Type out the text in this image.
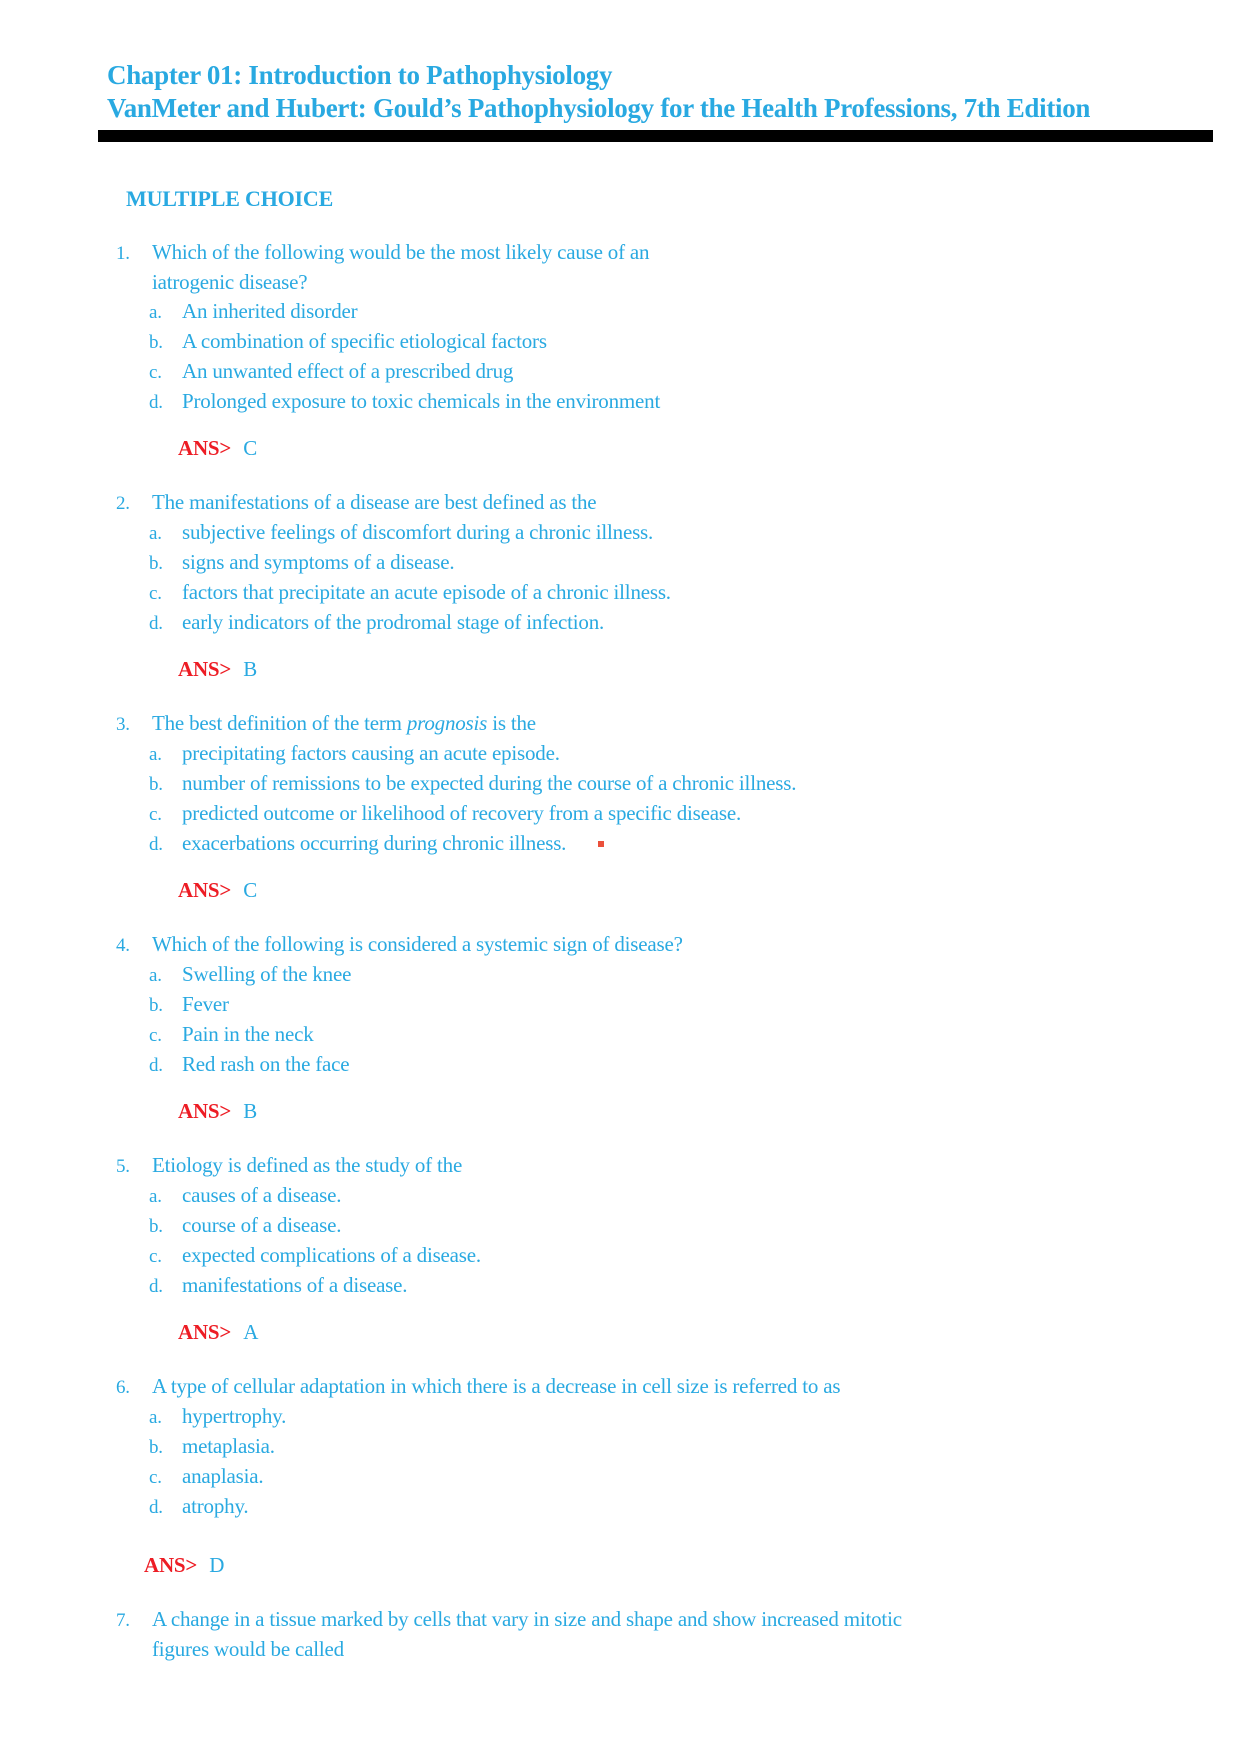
Chapter 01: Introduction to Pathophysiology
VanMeter and Hubert: Gould’s Pathophysiology for the Health Professions, 7th Edition
MULTIPLE CHOICE
1. Which of the following would be the most likely cause of an
iatrogenic disease?
a. An inherited disorder
b. A combination of specific etiological factors
c. An unwanted effect of a prescribed drug
d. Prolonged exposure to toxic chemicals in the environment
ANS> C
2. The manifestations of a disease are best defined as the
a. subjective feelings of discomfort during a chronic illness.
b. signs and symptoms of a disease.
c. factors that precipitate an acute episode of a chronic illness.
d. early indicators of the prodromal stage of infection.
ANS> B
3. The best definition of the term prognosis is the
a. precipitating factors causing an acute episode.
b. number of remissions to be expected during the course of a chronic illness.
c. predicted outcome or likelihood of recovery from a specific disease.
d. exacerbations occurring during chronic illness.
ANS> C
4. Which of the following is considered a systemic sign of disease?
a. Swelling of the knee
b. Fever
c. Pain in the neck
d. Red rash on the face
ANS> B
5. Etiology is defined as the study of the
a. causes of a disease.
b. course of a disease.
c. expected complications of a disease.
d. manifestations of a disease.
ANS> A
6. A type of cellular adaptation in which there is a decrease in cell size is referred to as
a. hypertrophy.
b. metaplasia.
c. anaplasia.
d. atrophy.
ANS> D
7. A change in a tissue marked by cells that vary in size and shape and show increased mitotic
figures would be called
